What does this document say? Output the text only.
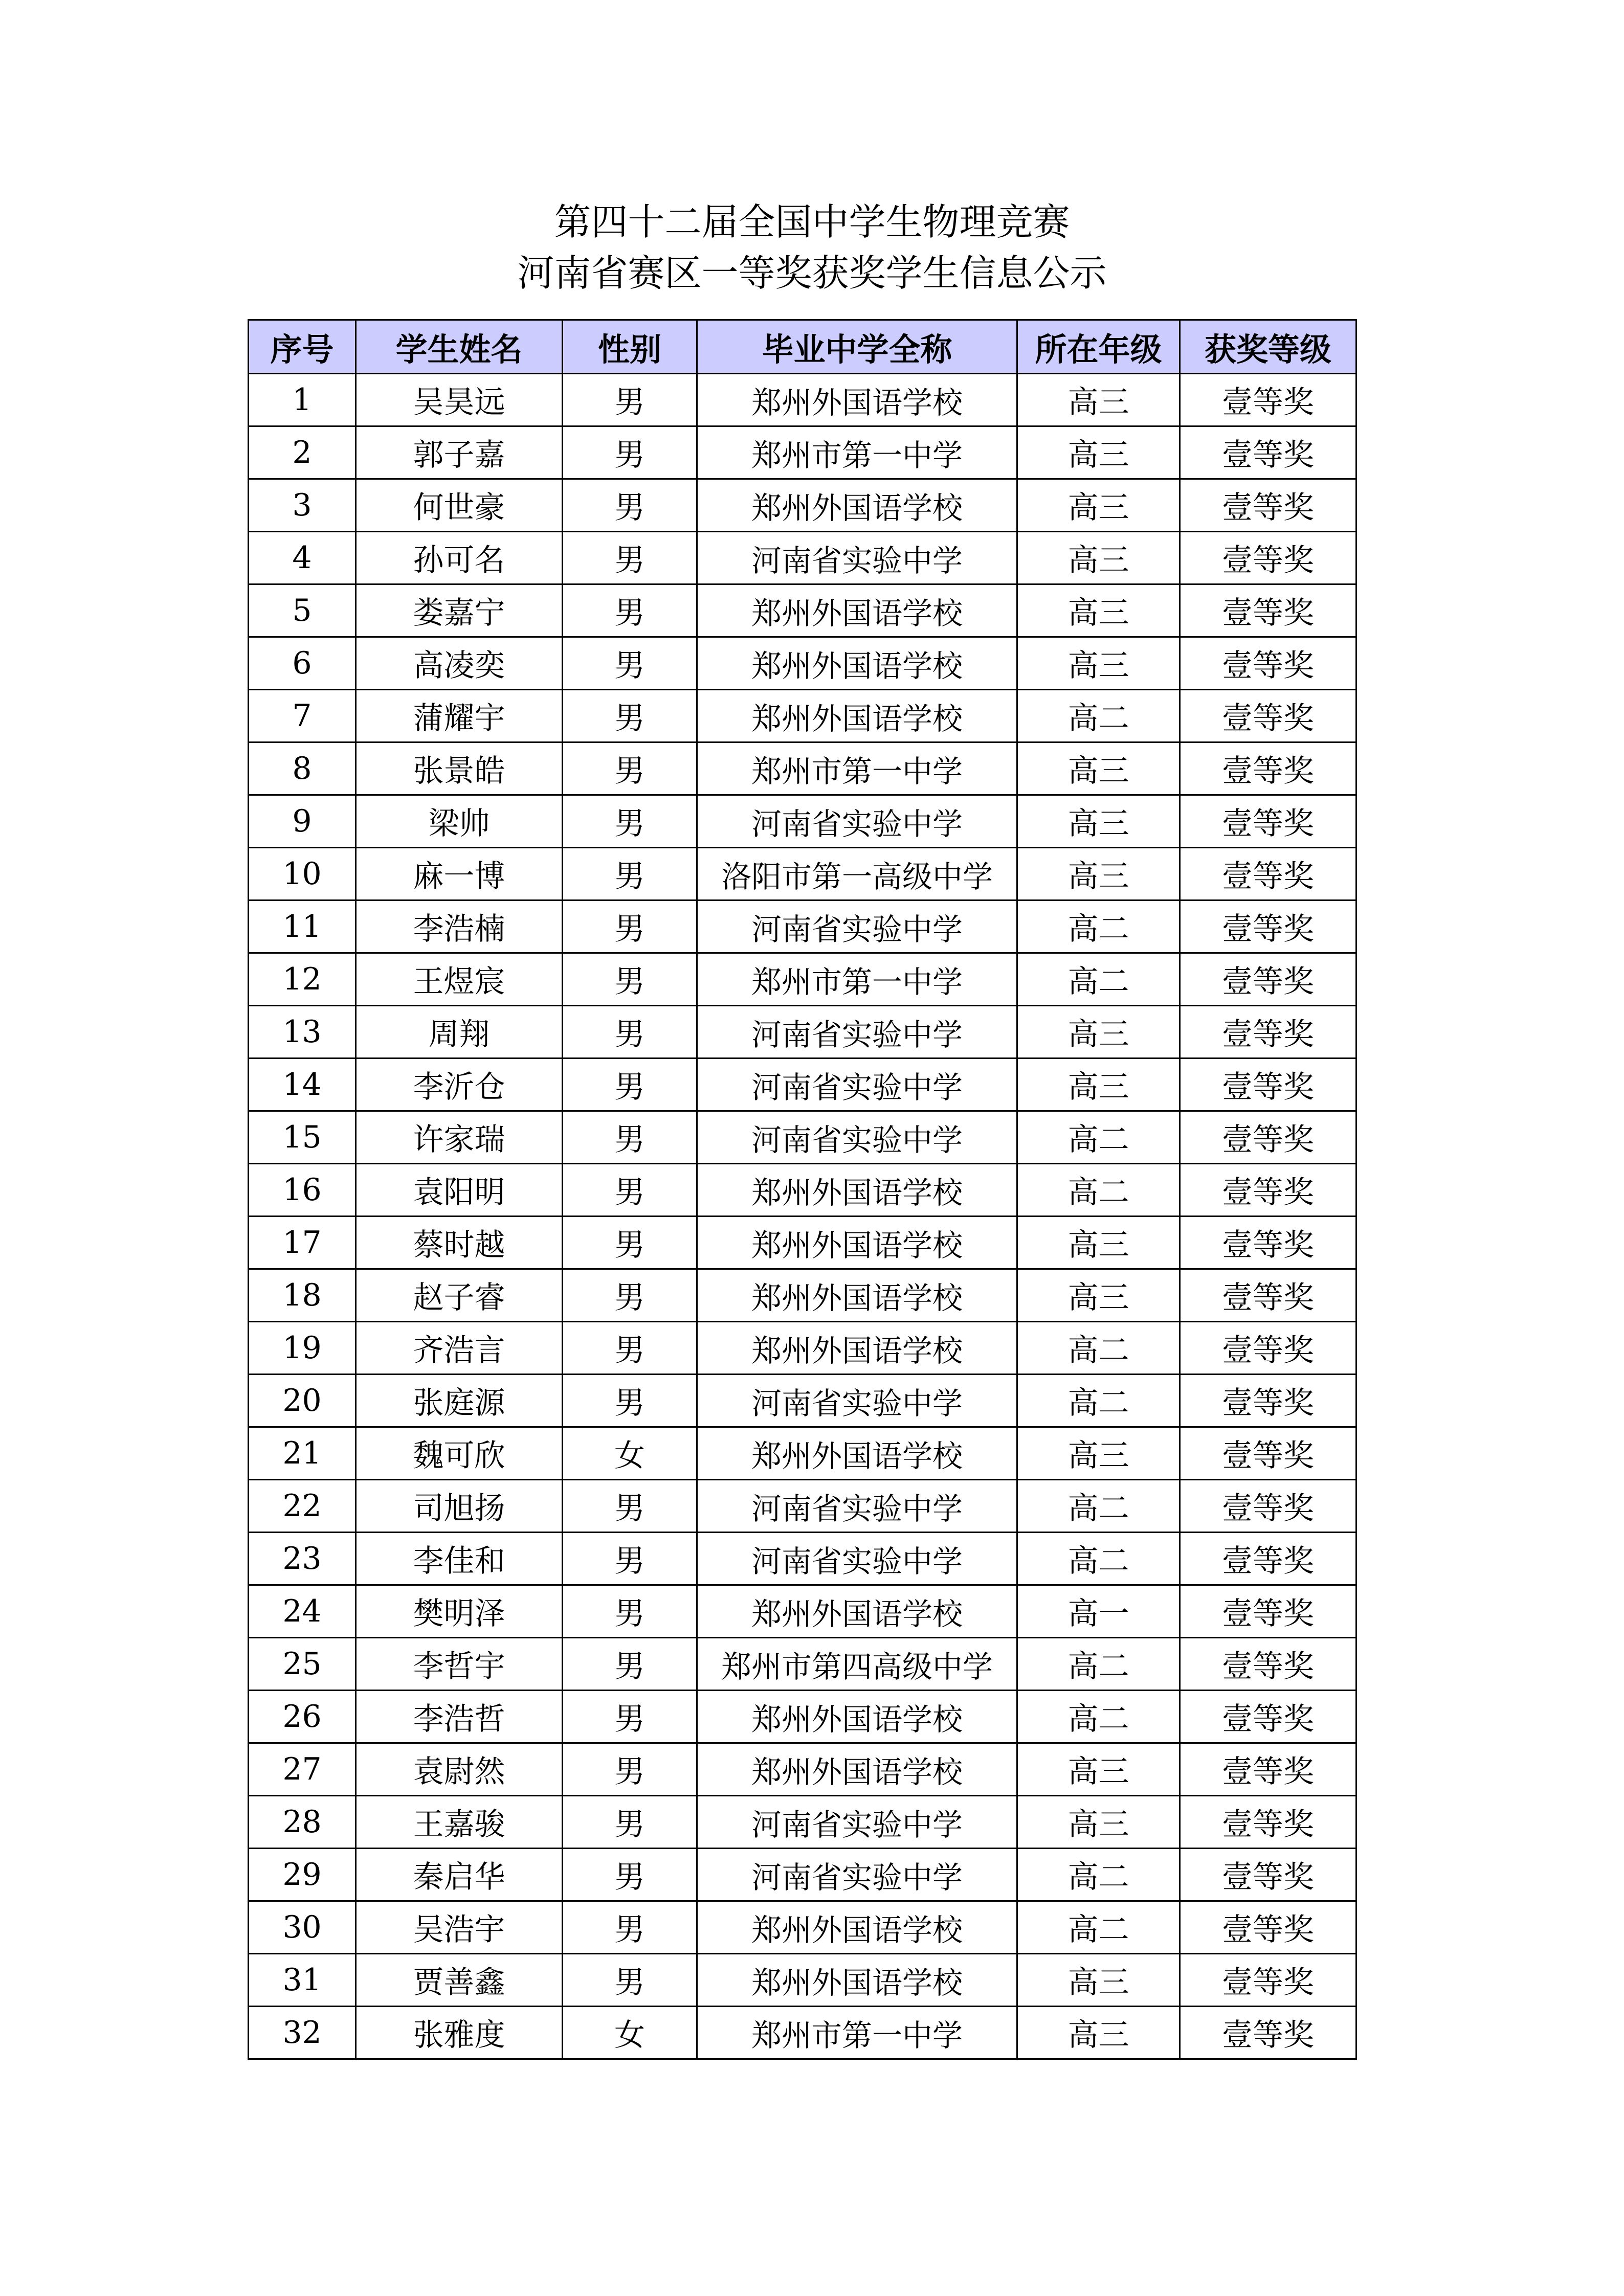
第四十二届全国中学生物理竞赛
河南省赛区一等奖获奖学生信息公示
序号	学生姓名	性别	毕业中学全称	所在年级	获奖等级
1	吴昊远	男	郑州外国语学校	高三	壹等奖
2	郭子嘉	男	郑州市第一中学	高三	壹等奖
3	何世豪	男	郑州外国语学校	高三	壹等奖
4	孙可名	男	河南省实验中学	高三	壹等奖
5	娄嘉宁	男	郑州外国语学校	高三	壹等奖
6	高凌奕	男	郑州外国语学校	高三	壹等奖
7	蒲耀宇	男	郑州外国语学校	高二	壹等奖
8	张景皓	男	郑州市第一中学	高三	壹等奖
9	梁帅	男	河南省实验中学	高三	壹等奖
10	麻一博	男	洛阳市第一高级中学	高三	壹等奖
11	李浩楠	男	河南省实验中学	高二	壹等奖
12	王煜宸	男	郑州市第一中学	高二	壹等奖
13	周翔	男	河南省实验中学	高三	壹等奖
14	李沂仓	男	河南省实验中学	高三	壹等奖
15	许家瑞	男	河南省实验中学	高二	壹等奖
16	袁阳明	男	郑州外国语学校	高二	壹等奖
17	蔡时越	男	郑州外国语学校	高三	壹等奖
18	赵子睿	男	郑州外国语学校	高三	壹等奖
19	齐浩言	男	郑州外国语学校	高二	壹等奖
20	张庭源	男	河南省实验中学	高二	壹等奖
21	魏可欣	女	郑州外国语学校	高三	壹等奖
22	司旭扬	男	河南省实验中学	高二	壹等奖
23	李佳和	男	河南省实验中学	高二	壹等奖
24	樊明泽	男	郑州外国语学校	高一	壹等奖
25	李哲宇	男	郑州市第四高级中学	高二	壹等奖
26	李浩哲	男	郑州外国语学校	高二	壹等奖
27	袁尉然	男	郑州外国语学校	高三	壹等奖
28	王嘉骏	男	河南省实验中学	高三	壹等奖
29	秦启华	男	河南省实验中学	高二	壹等奖
30	吴浩宇	男	郑州外国语学校	高二	壹等奖
31	贾善鑫	男	郑州外国语学校	高三	壹等奖
32	张雅度	女	郑州市第一中学	高三	壹等奖
